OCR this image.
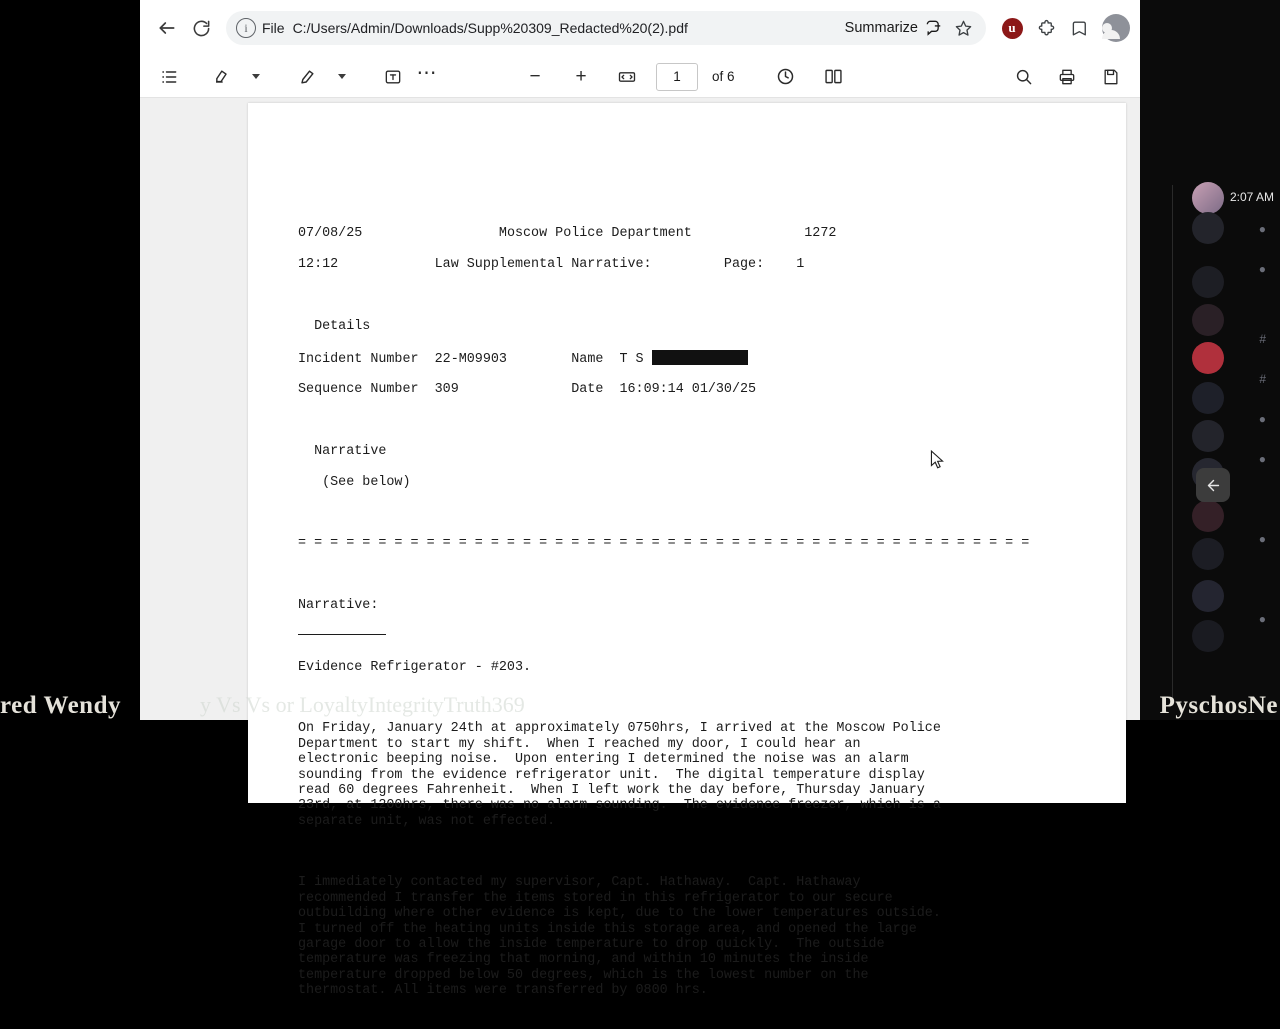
2:07 AM
●
●
#
#
●
●
●
●
i	File C:/Users/Admin/Downloads/Supp%20309_Redacted%20(2).pdf	Summarize	u
⋯	−	+	1	of 6

07/08/25	Moscow Police Department	1272

12:12	Law Supplemental Narrative:	Page: 1

Details

Incident Number 22-M09903	Name T S

Sequence Number 309	Date 16:09:14 01/30/25

Narrative

(See below)

= = = = = = = = = = = = = = = = = = = = = = = = = = = = = = = = = = = = = = = = = = = = = =

Narrative:

Evidence Refrigerator - #203.

On Friday, January 24th at approximately 0750hrs, I arrived at the Moscow Police
Department to start my shift.  When I reached my door, I could hear an
electronic beeping noise.  Upon entering I determined the noise was an alarm
sounding from the evidence refrigerator unit.  The digital temperature display
read 60 degrees Fahrenheit.  When I left work the day before, Thursday January
23rd, at 1200hrs, there was no alarm sounding.  The evidence freezer, which is a
separate unit, was not effected.

I immediately contacted my supervisor, Capt. Hathaway.  Capt. Hathaway
recommended I transfer the items stored in this refrigerator to our secure
outbuilding where other evidence is kept, due to the lower temperatures outside.
I turned off the heating units inside this storage area, and opened the large
garage door to allow the inside temperature to drop quickly.  The outside
temperature was freezing that morning, and within 10 minutes the inside
temperature dropped below 50 degrees, which is the lowest number on the
thermostat. All items were transferred by 0800 hrs.

y Vs Vs or LoyaltyIntegrityTruth369
red Wendy	PyschosNe
